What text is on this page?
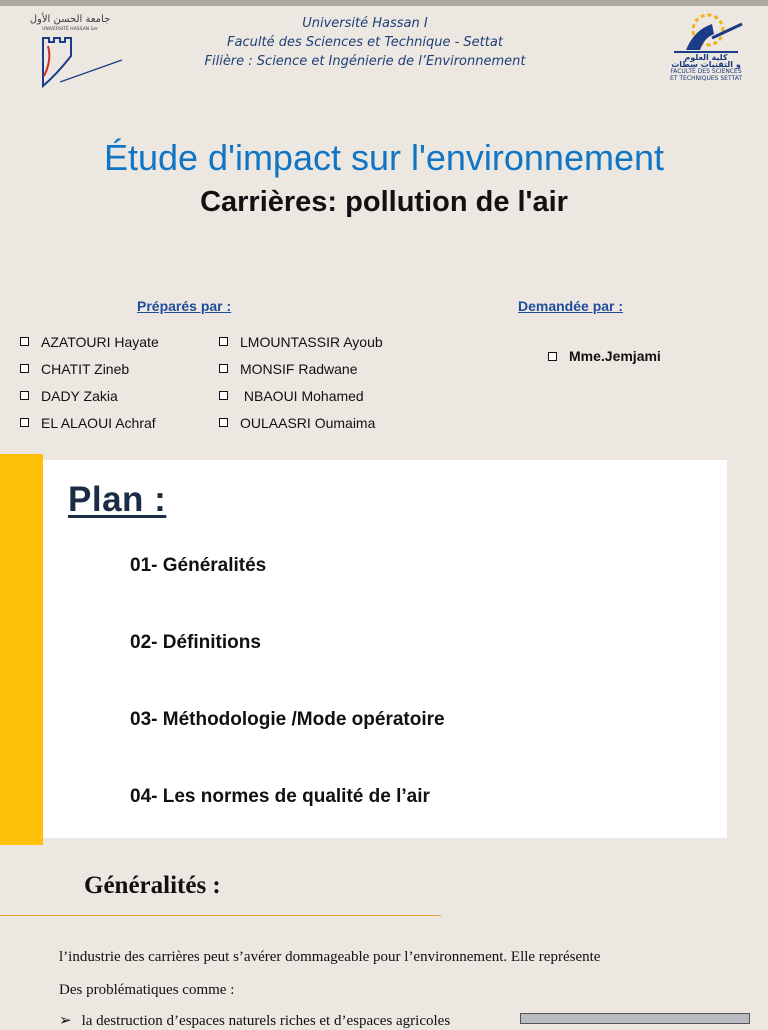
جامعة الحسن الأول
UNIVERSITÉ HASSAN 1er	Université Hassan I
Faculté des Sciences et Technique - Settat
Filière : Science et Ingénierie de l’Environnement	كلية العلوم
و التقنيات سطات
FACULTÉ DES SCIENCES
ET TECHNIQUES SETTAT
Étude d'impact sur l'environnement
Carrières: pollution de l'air
Préparés par :	Demandée par :
AZATOURI Hayate
CHATIT Zineb
DADY Zakia
EL ALAOUI Achraf
LMOUNTASSIR Ayoub
MONSIF Radwane
NBAOUI Mohamed
OULAASRI Oumaima
Mme.Jemjami
Plan :
01- Généralités
02- Définitions
03- Méthodologie /Mode opératoire
04- Les normes de qualité de l’air
Généralités :
l’industrie des carrières peut s’avérer dommageable pour l’environnement. Elle représente
Des problématiques comme :
➢ la destruction d’espaces naturels riches et d’espaces agricoles
